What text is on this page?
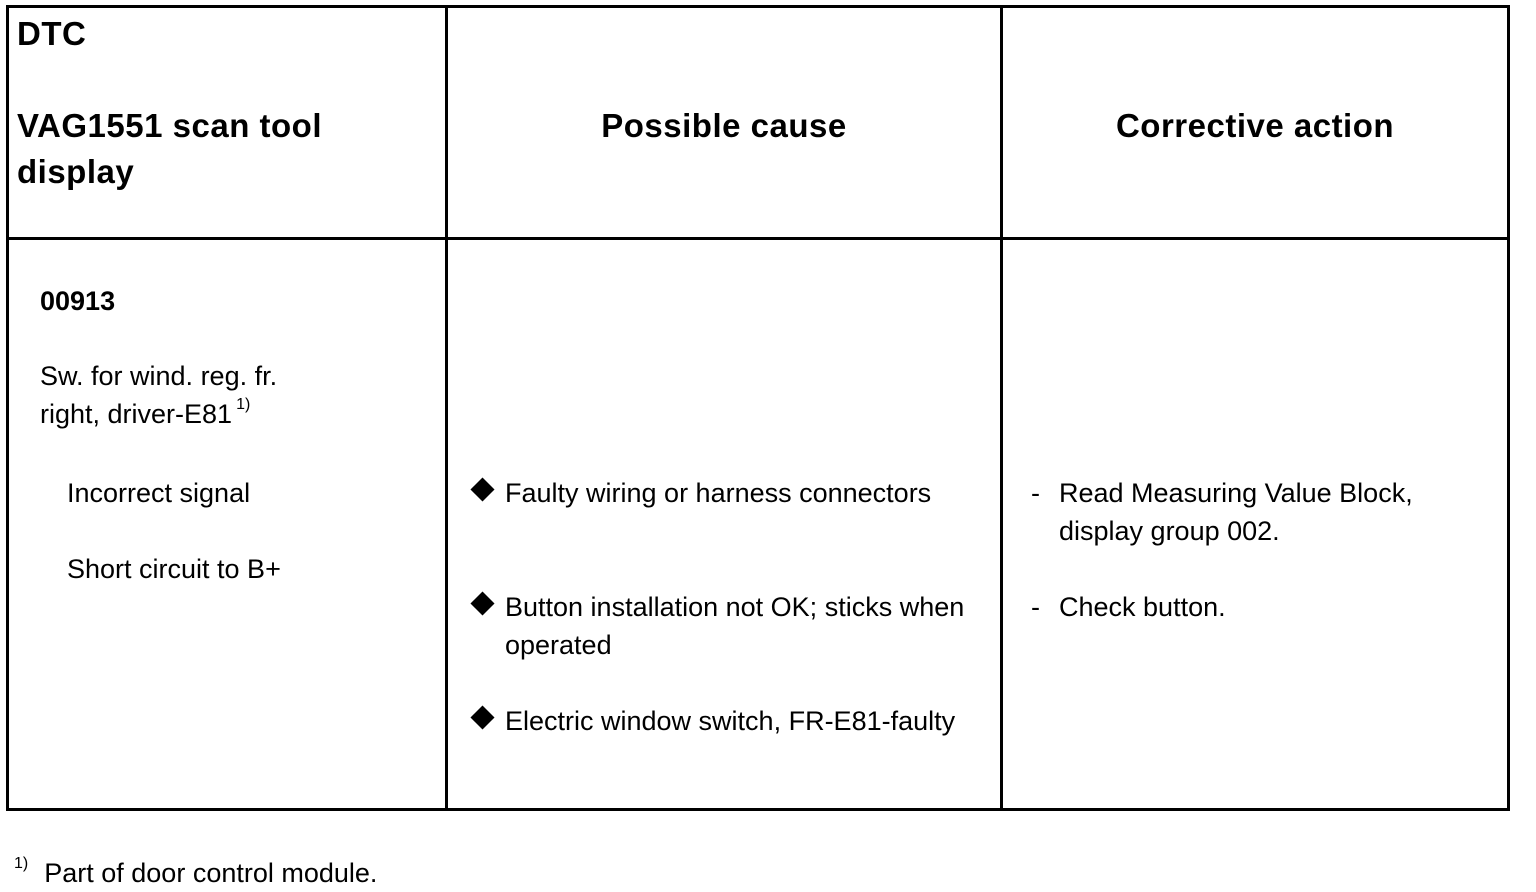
DTC
VAG1551 scan tool display
Possible cause	Corrective action
00913
Sw. for wind. reg. fr.
right, driver-E81 $^{1)}$
Incorrect signal
Short circuit to B+
Faulty wiring or harness connectors
Button installation not OK; sticks when operated
Electric window switch, FR-E81-faulty
- Read Measuring Value Block, display group 002.
- Check button.
$^{1)}$ Part of door control module.
